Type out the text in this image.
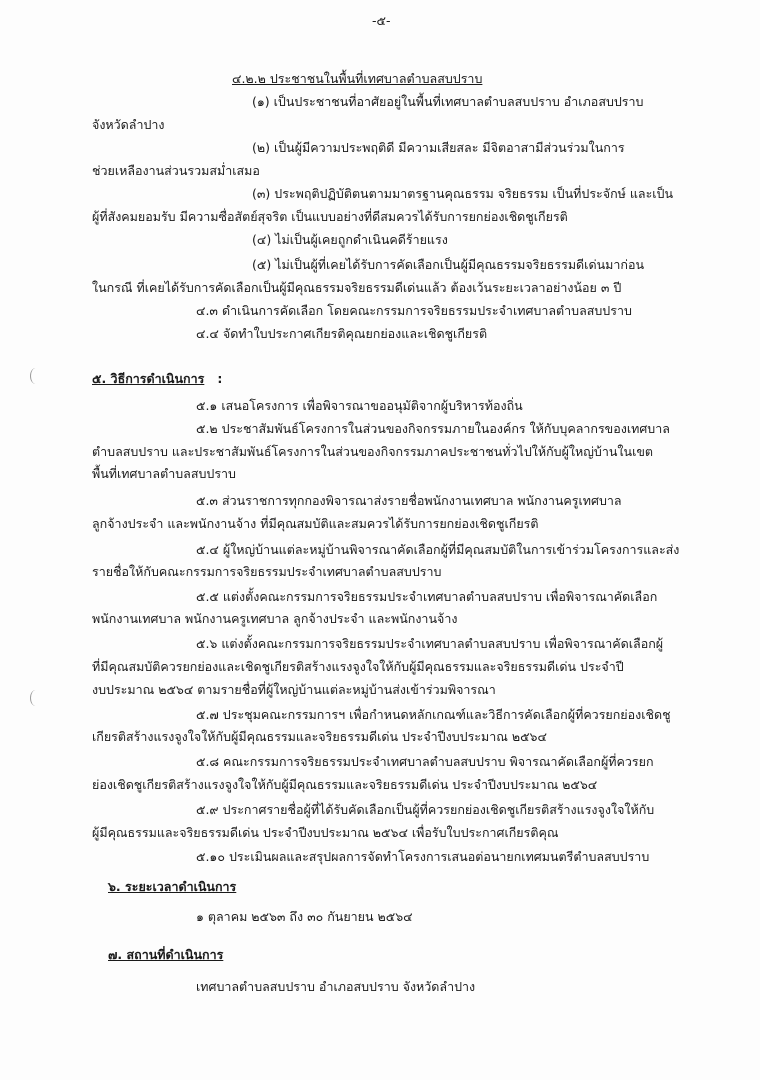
-๕-
๔.๒.๒ ประชาชนในพื้นที่เทศบาลตำบลสบปราบ
(๑) เป็นประชาชนที่อาศัยอยู่ในพื้นที่เทศบาลตำบลสบปราบ อำเภอสบปราบ
จังหวัดลำปาง
(๒) เป็นผู้มีความประพฤติดี มีความเสียสละ มีจิตอาสามีส่วนร่วมในการ
ช่วยเหลืองานส่วนรวมสม่ำเสมอ
(๓) ประพฤติปฏิบัติตนตามมาตรฐานคุณธรรม จริยธรรม เป็นที่ประจักษ์ และเป็น
ผู้ที่สังคมยอมรับ มีความซื่อสัตย์สุจริต เป็นแบบอย่างที่ดีสมควรได้รับการยกย่องเชิดชูเกียรติ
(๔) ไม่เป็นผู้เคยถูกดำเนินคดีร้ายแรง
(๕) ไม่เป็นผู้ที่เคยได้รับการคัดเลือกเป็นผู้มีคุณธรรมจริยธรรมดีเด่นมาก่อน
ในกรณี ที่เคยได้รับการคัดเลือกเป็นผู้มีคุณธรรมจริยธรรมดีเด่นแล้ว ต้องเว้นระยะเวลาอย่างน้อย ๓ ปี
๔.๓ ดำเนินการคัดเลือก โดยคณะกรรมการจริยธรรมประจำเทศบาลตำบลสบปราบ
๔.๔ จัดทำใบประกาศเกียรติคุณยกย่องและเชิดชูเกียรติ
๕. วิธีการดำเนินการ :
๕.๑ เสนอโครงการ เพื่อพิจารณาขออนุมัติจากผู้บริหารท้องถิ่น
๕.๒ ประชาสัมพันธ์โครงการในส่วนของกิจกรรมภายในองค์กร ให้กับบุคลากรของเทศบาล
ตำบลสบปราบ และประชาสัมพันธ์โครงการในส่วนของกิจกรรมภาคประชาชนทั่วไปให้กับผู้ใหญ่บ้านในเขต
พื้นที่เทศบาลตำบลสบปราบ
๕.๓ ส่วนราชการทุกกองพิจารณาส่งรายชื่อพนักงานเทศบาล พนักงานครูเทศบาล
ลูกจ้างประจำ และพนักงานจ้าง ที่มีคุณสมบัติและสมควรได้รับการยกย่องเชิดชูเกียรติ
๕.๔ ผู้ใหญ่บ้านแต่ละหมู่บ้านพิจารณาคัดเลือกผู้ที่มีคุณสมบัติในการเข้าร่วมโครงการและส่ง
รายชื่อให้กับคณะกรรมการจริยธรรมประจำเทศบาลตำบลสบปราบ
๕.๕ แต่งตั้งคณะกรรมการจริยธรรมประจำเทศบาลตำบลสบปราบ เพื่อพิจารณาคัดเลือก
พนักงานเทศบาล พนักงานครูเทศบาล ลูกจ้างประจำ และพนักงานจ้าง
๕.๖ แต่งตั้งคณะกรรมการจริยธรรมประจำเทศบาลตำบลสบปราบ เพื่อพิจารณาคัดเลือกผู้
ที่มีคุณสมบัติควรยกย่องและเชิดชูเกียรติสร้างแรงจูงใจให้กับผู้มีคุณธรรมและจริยธรรมดีเด่น ประจำปี
งบประมาณ ๒๕๖๔ ตามรายชื่อที่ผู้ใหญ่บ้านแต่ละหมู่บ้านส่งเข้าร่วมพิจารณา
๕.๗ ประชุมคณะกรรมการฯ เพื่อกำหนดหลักเกณฑ์และวิธีการคัดเลือกผู้ที่ควรยกย่องเชิดชู
เกียรติสร้างแรงจูงใจให้กับผู้มีคุณธรรมและจริยธรรมดีเด่น ประจำปีงบประมาณ ๒๕๖๔
๕.๘ คณะกรรมการจริยธรรมประจำเทศบาลตำบลสบปราบ พิจารณาคัดเลือกผู้ที่ควรยก
ย่องเชิดชูเกียรติสร้างแรงจูงใจให้กับผู้มีคุณธรรมและจริยธรรมดีเด่น ประจำปีงบประมาณ ๒๕๖๔
๕.๙ ประกาศรายชื่อผู้ที่ได้รับคัดเลือกเป็นผู้ที่ควรยกย่องเชิดชูเกียรติสร้างแรงจูงใจให้กับ
ผู้มีคุณธรรมและจริยธรรมดีเด่น ประจำปีงบประมาณ ๒๕๖๔ เพื่อรับใบประกาศเกียรติคุณ
๕.๑๐ ประเมินผลและสรุปผลการจัดทำโครงการเสนอต่อนายกเทศมนตรีตำบลสบปราบ
๖. ระยะเวลาดำเนินการ
๑ ตุลาคม ๒๕๖๓ ถึง ๓๐ กันยายน ๒๕๖๔
๗. สถานที่ดำเนินการ
เทศบาลตำบลสบปราบ อำเภอสบปราบ จังหวัดลำปาง
